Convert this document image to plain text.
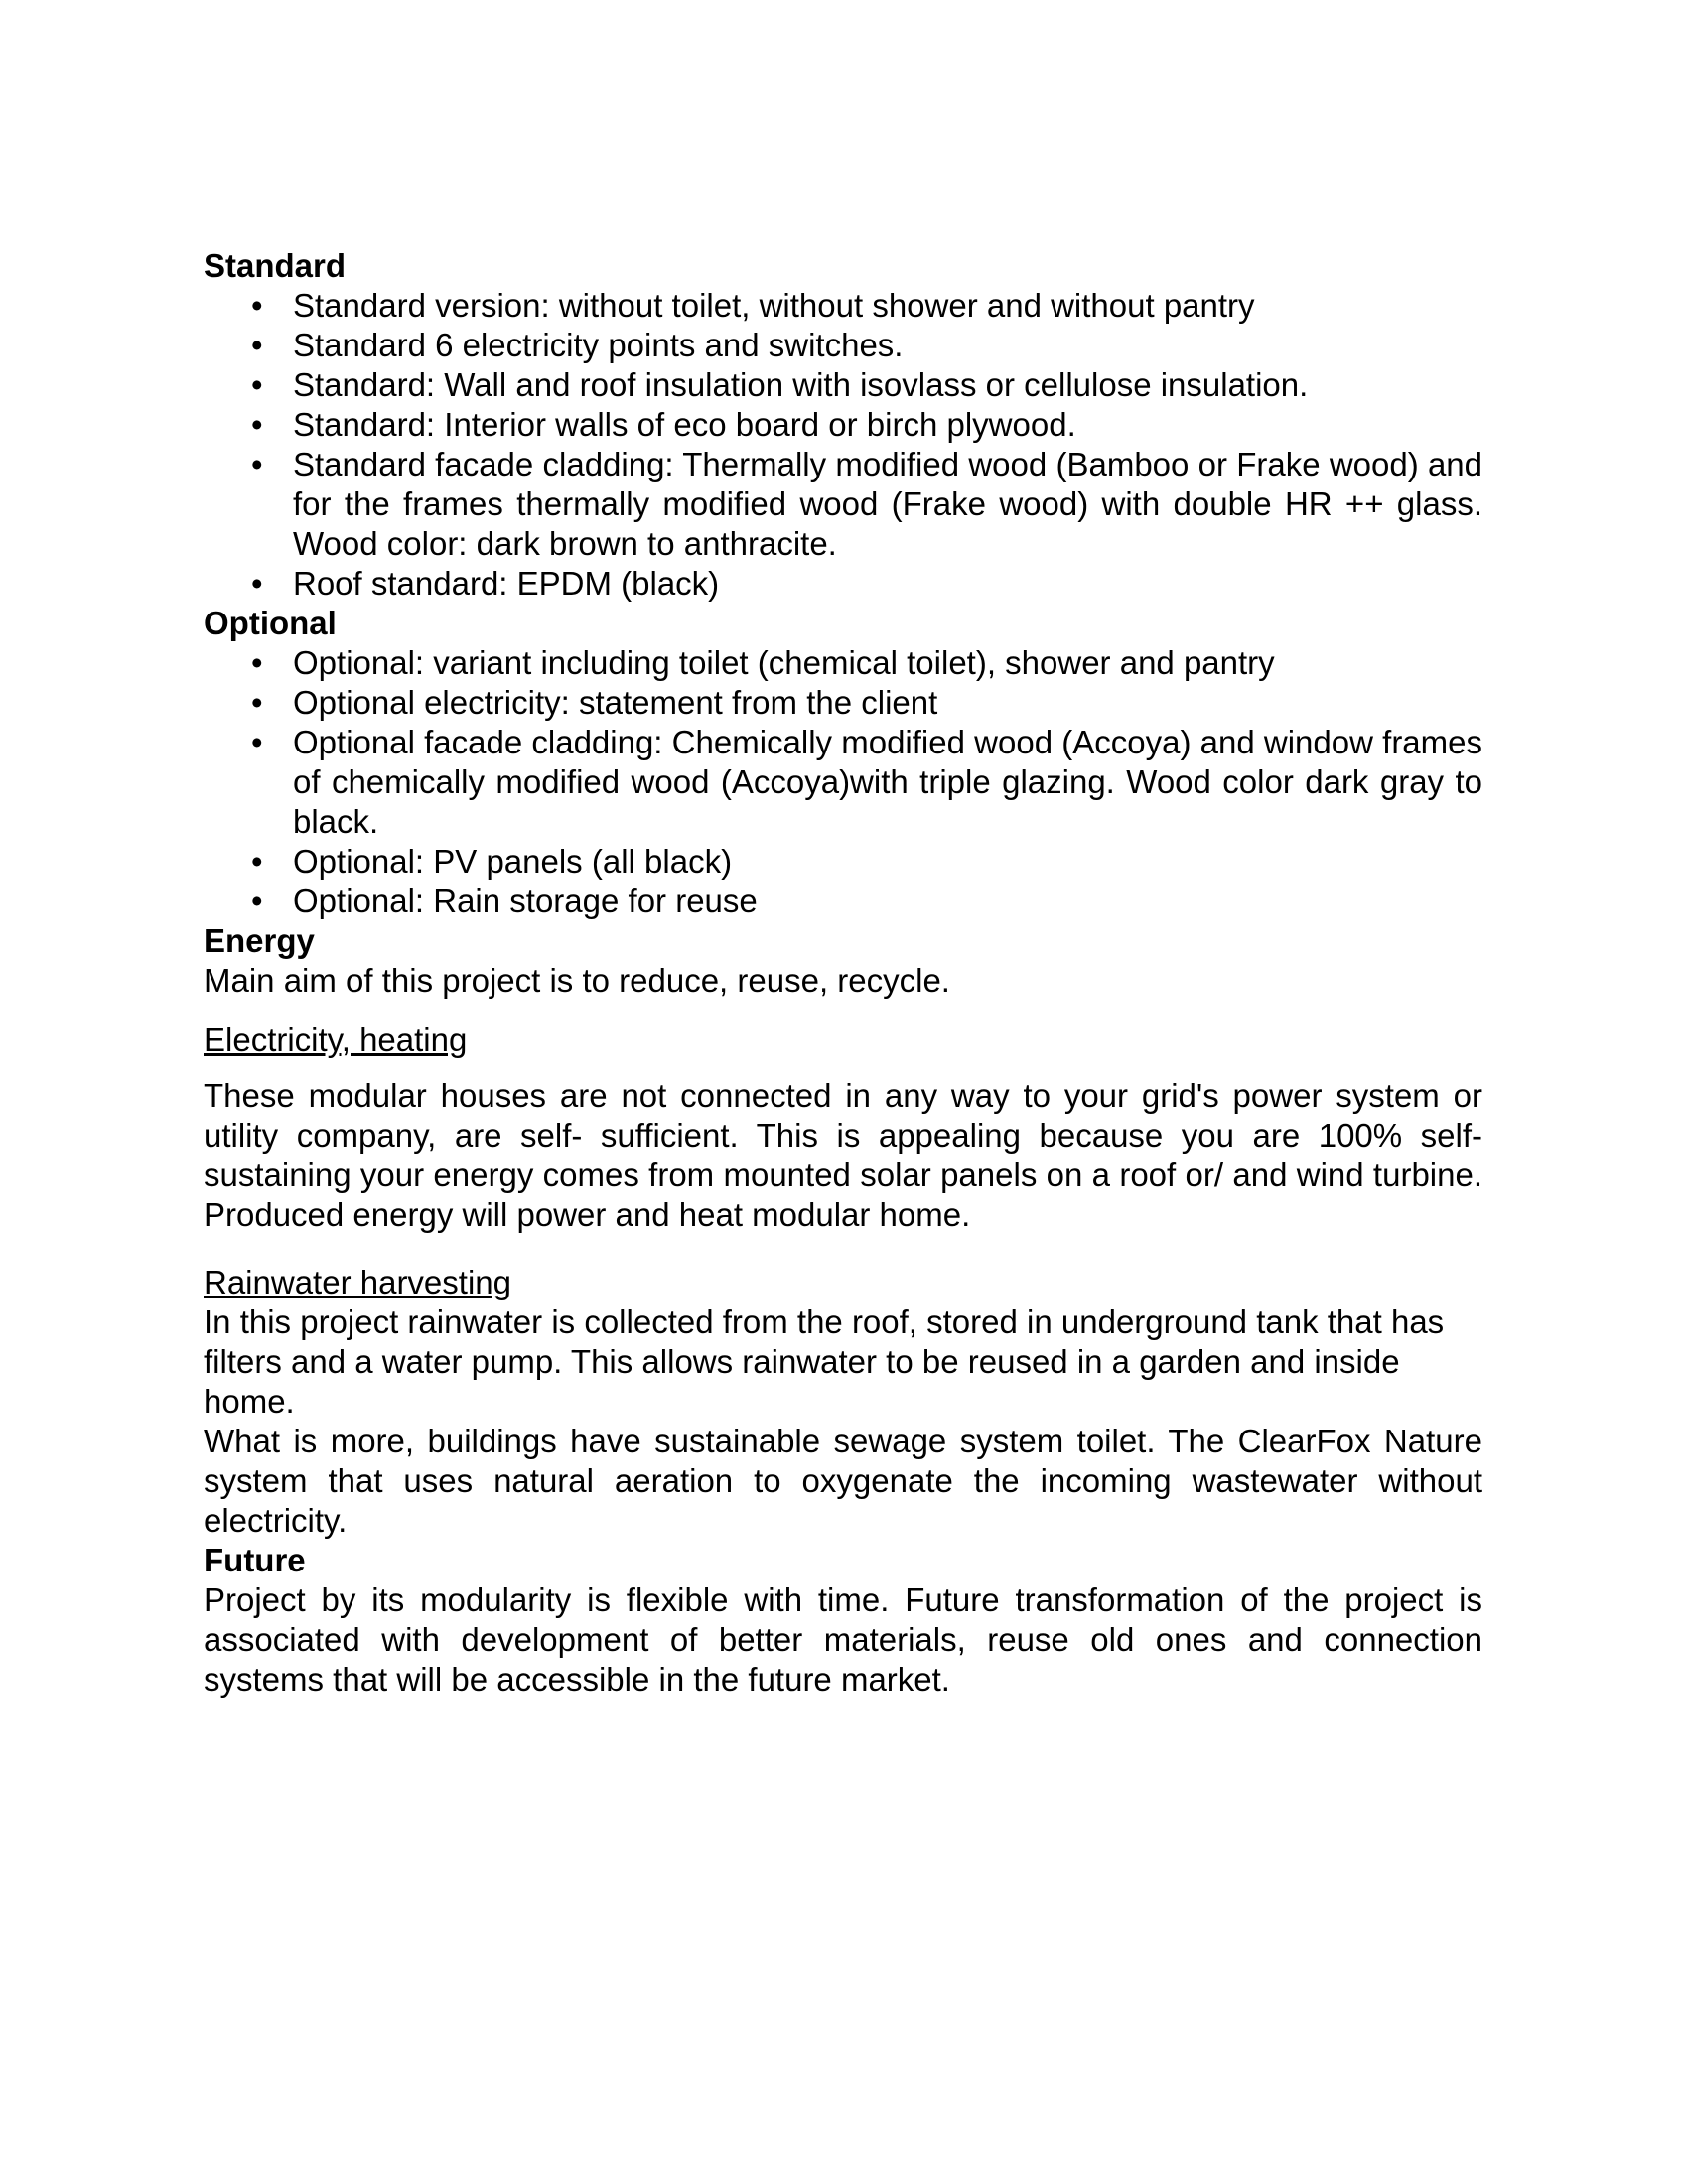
Standard
• Standard version: without toilet, without shower and without pantry
• Standard 6 electricity points and switches.
• Standard: Wall and roof insulation with isovlass or cellulose insulation.
• Standard: Interior walls of eco board or birch plywood.
• Standard facade cladding: Thermally modified wood (Bamboo or Frake wood) and for the frames thermally modified wood (Frake wood) with double HR ++ glass. Wood color: dark brown to anthracite.
• Roof standard: EPDM (black)
Optional
• Optional: variant including toilet (chemical toilet), shower and pantry
• Optional electricity: statement from the client
• Optional facade cladding: Chemically modified wood (Accoya) and window frames of chemically modified wood (Accoya)with triple glazing. Wood color dark gray to black.
• Optional: PV panels (all black)
• Optional: Rain storage for reuse
Energy

Main aim of this project is to reduce, reuse, recycle.

Electricity, heating

These modular houses are not connected in any way to your grid's power system or utility company, are self- sufficient. This is appealing because you are 100% self-sustaining your energy comes from mounted solar panels on a roof or/ and wind turbine. Produced energy will power and heat modular home.

Rainwater harvesting

In this project rainwater is collected from the roof, stored in underground tank that has filters and a water pump. This allows rainwater to be reused in a garden and inside home.

What is more, buildings have sustainable sewage system toilet. The ClearFox Nature system that uses natural aeration to oxygenate the incoming wastewater without electricity.

Future

Project by its modularity is flexible with time. Future transformation of the project is associated with development of better materials, reuse old ones and connection systems that will be accessible in the future market.
